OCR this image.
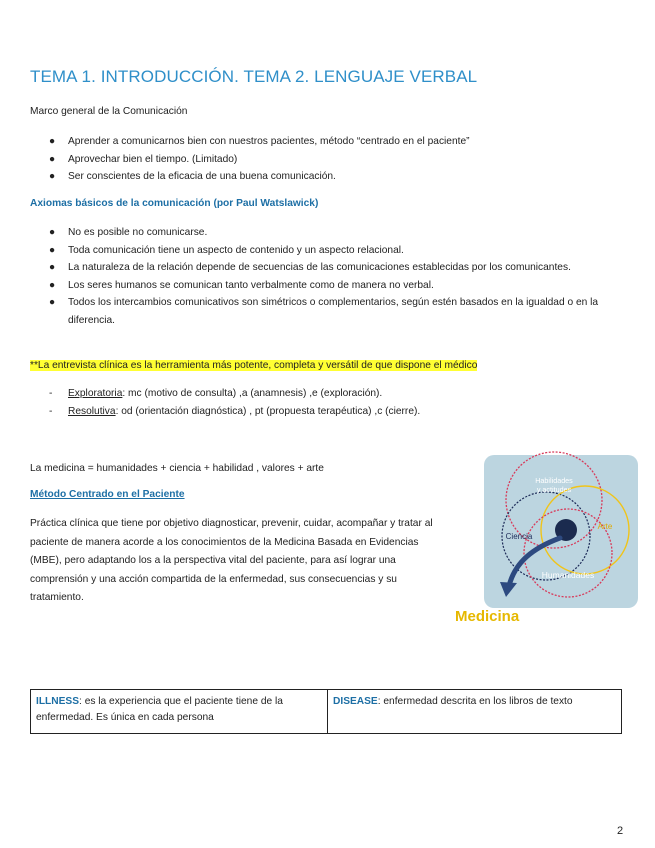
TEMA 1. INTRODUCCIÓN. TEMA 2. LENGUAJE VERBAL
Marco general de la Comunicación
● Aprender a comunicarnos bien con nuestros pacientes, método “centrado en el paciente”
● Aprovechar bien el tiempo. (Limitado)
● Ser conscientes de la eficacia de una buena comunicación.
Axiomas básicos de la comunicación (por Paul Watslawick)
● No es posible no comunicarse.
● Toda comunicación tiene un aspecto de contenido y un aspecto relacional.
● La naturaleza de la relación depende de secuencias de las comunicaciones establecidas por los comunicantes.
● Los seres humanos se comunican tanto verbalmente como de manera no verbal.
● Todos los intercambios comunicativos son simétricos o complementarios, según estén basados en la igualdad o en la diferencia.
**La entrevista clínica es la herramienta más potente, completa y versátil de que dispone el médico
- Exploratoria: mc (motivo de consulta) ,a (anamnesis) ,e (exploración).
- Resolutiva: od (orientación diagnóstica) , pt (propuesta terapéutica) ,c (cierre).
La medicina = humanidades + ciencia + habilidad , valores + arte
Método Centrado en el Paciente
Práctica clínica que tiene por objetivo diagnosticar, prevenir, cuidar, acompañar y tratar al paciente de manera acorde a los conocimientos de la Medicina Basada en Evidencias (MBE), pero adaptando los a la perspectiva vital del paciente, para así lograr una comprensión y una acción compartida de la enfermedad, sus consecuencias y su tratamiento.
Habilidades
y actitudes
Ciencia
Arte
Humanidades
Medicina
ILLNESS: es la experiencia que el paciente tiene de la enfermedad. Es única en cada persona	DISEASE: enfermedad descrita en los libros de texto
2
